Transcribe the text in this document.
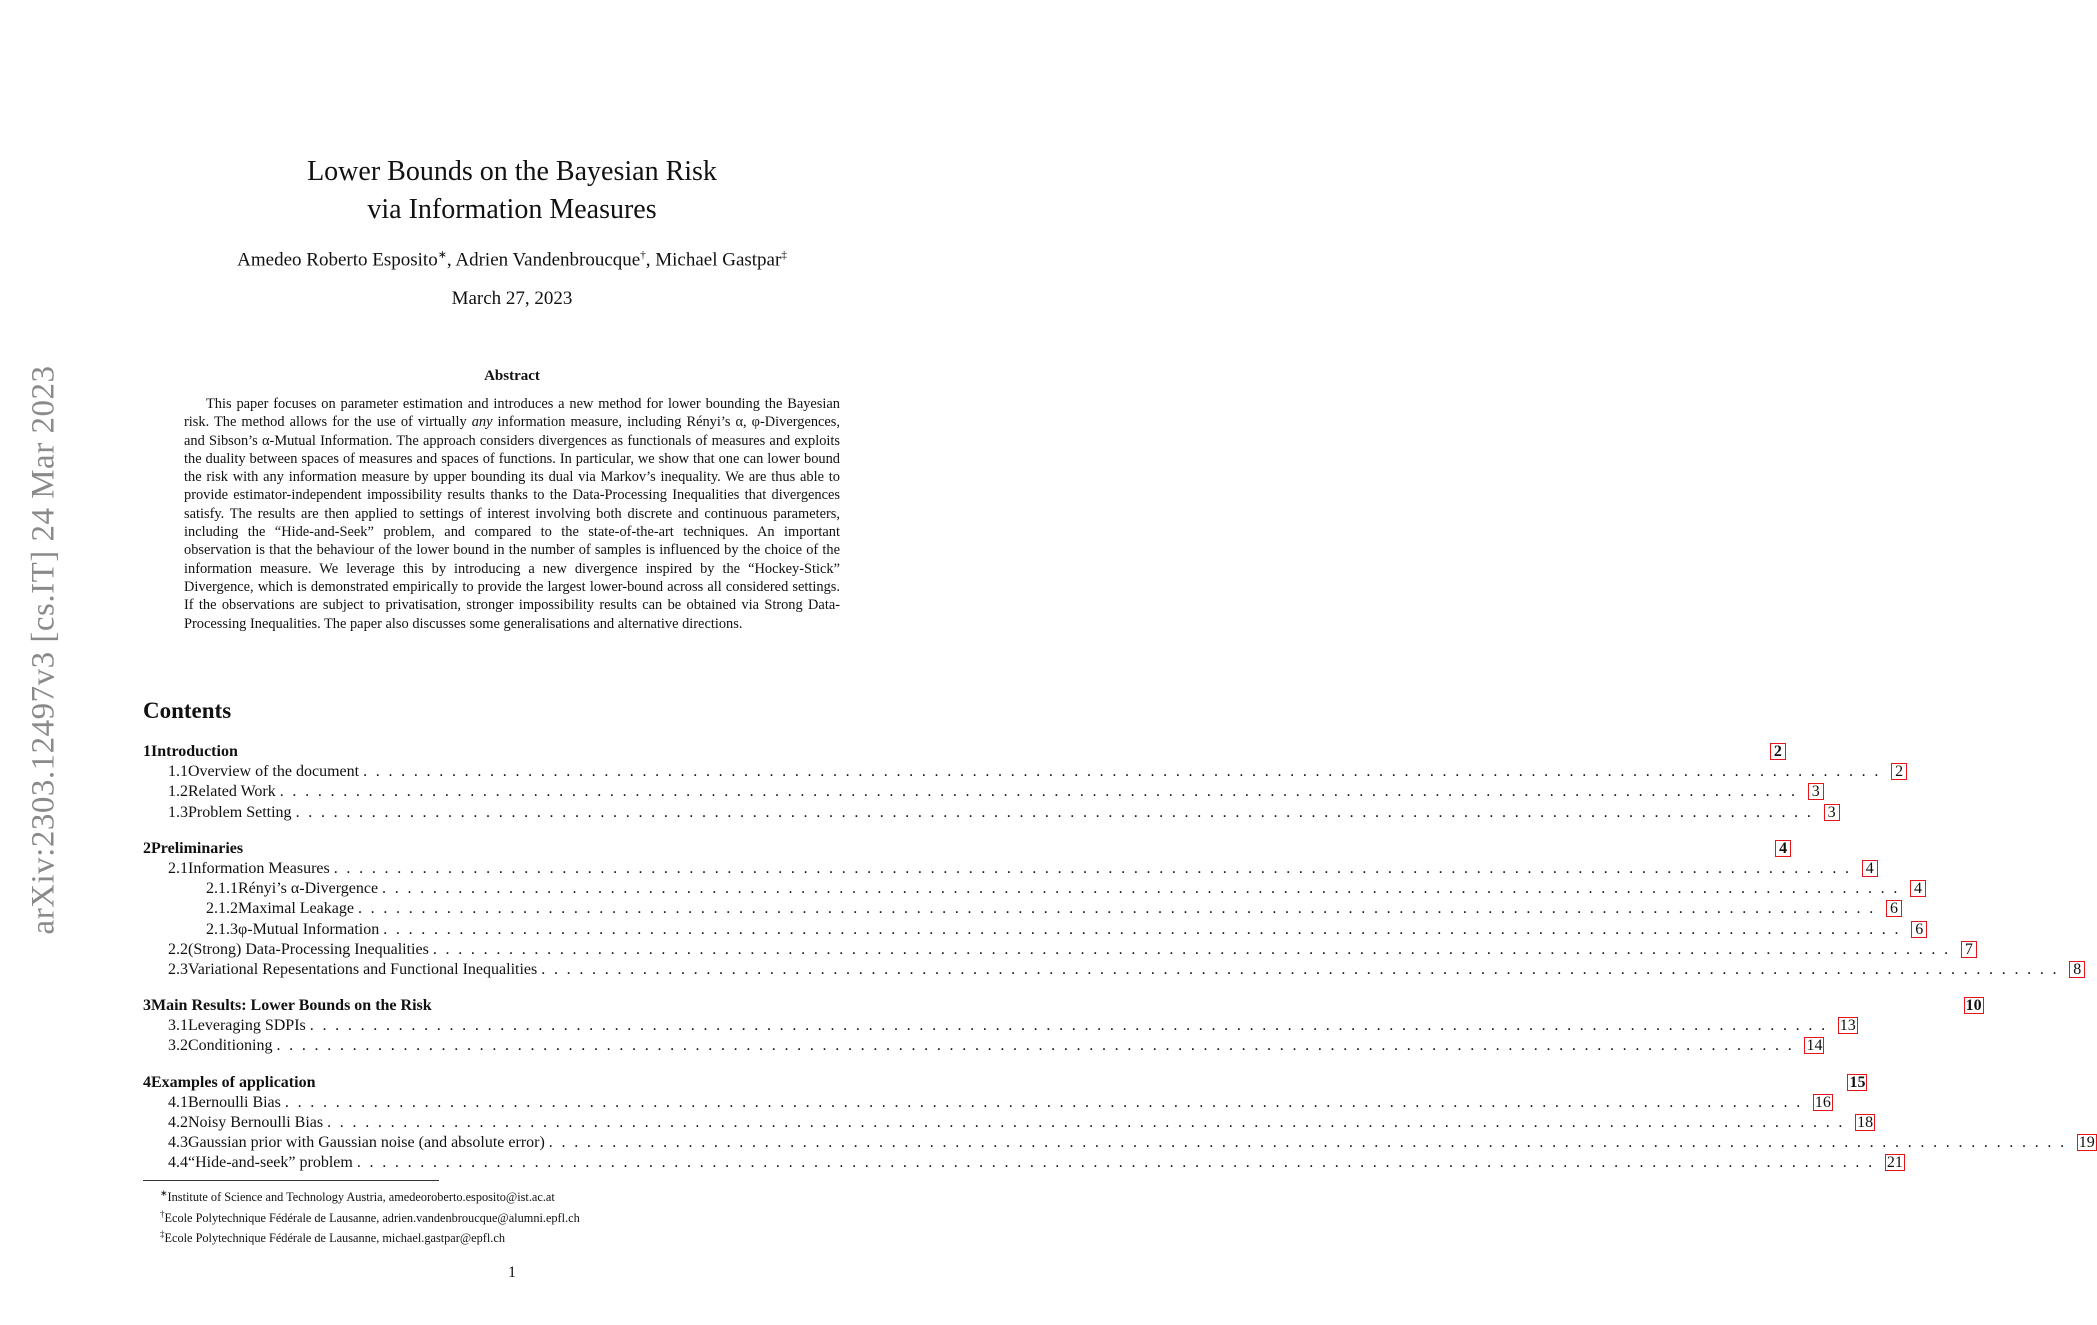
arXiv:2303.12497v3 [cs.IT] 24 Mar 2023
Lower Bounds on the Bayesian Risk
via Information Measures
Amedeo Roberto Esposito∗, Adrien Vandenbroucque†, Michael Gastpar‡
March 27, 2023
Abstract

This paper focuses on parameter estimation and introduces a new method for lower bounding the Bayesian risk. The method allows for the use of virtually any information measure, including Rényi’s α, φ-Divergences, and Sibson’s α-Mutual Information. The approach considers divergences as functionals of measures and exploits the duality between spaces of measures and spaces of functions. In particular, we show that one can lower bound the risk with any information measure by upper bounding its dual via Markov’s inequality. We are thus able to provide estimator-independent impossibility results thanks to the Data-Processing Inequalities that divergences satisfy. The results are then applied to settings of interest involving both discrete and continuous parameters, including the “Hide-and-Seek” problem, and compared to the state-of-the-art techniques. An important observation is that the behaviour of the lower bound in the number of samples is influenced by the choice of the information measure. We leverage this by introducing a new divergence inspired by the “Hockey-Stick” Divergence, which is demonstrated empirically to provide the largest lower-bound across all considered settings. If the observations are subject to privatisation, stronger impossibility results can be obtained via Strong Data-Processing Inequalities. The paper also discusses some generalisations and alternative directions.

Contents
1 Introduction	2
1.1 Overview of the document ........................................................................................................................ 2
1.2 Related Work ........................................................................................................................ 3
1.3 Problem Setting ........................................................................................................................ 3
2 Preliminaries	4
2.1 Information Measures ........................................................................................................................ 4
2.1.1 Rényi’s α-Divergence ........................................................................................................................ 4
2.1.2 Maximal Leakage ........................................................................................................................ 6
2.1.3 φ-Mutual Information ........................................................................................................................ 6
2.2 (Strong) Data-Processing Inequalities ........................................................................................................................ 7
2.3 Variational Repesentations and Functional Inequalities ........................................................................................................................ 8
3 Main Results: Lower Bounds on the Risk	10
3.1 Leveraging SDPIs ........................................................................................................................ 13
3.2 Conditioning ........................................................................................................................ 14
4 Examples of application	15
4.1 Bernoulli Bias ........................................................................................................................ 16
4.2 Noisy Bernoulli Bias ........................................................................................................................ 18
4.3 Gaussian prior with Gaussian noise (and absolute error) ........................................................................................................................ 19
4.4 “Hide-and-seek” problem ........................................................................................................................ 21
∗Institute of Science and Technology Austria, amedeoroberto.esposito@ist.ac.at
†Ecole Polytechnique Fédérale de Lausanne, adrien.vandenbroucque@alumni.epfl.ch
‡Ecole Polytechnique Fédérale de Lausanne, michael.gastpar@epfl.ch
1
